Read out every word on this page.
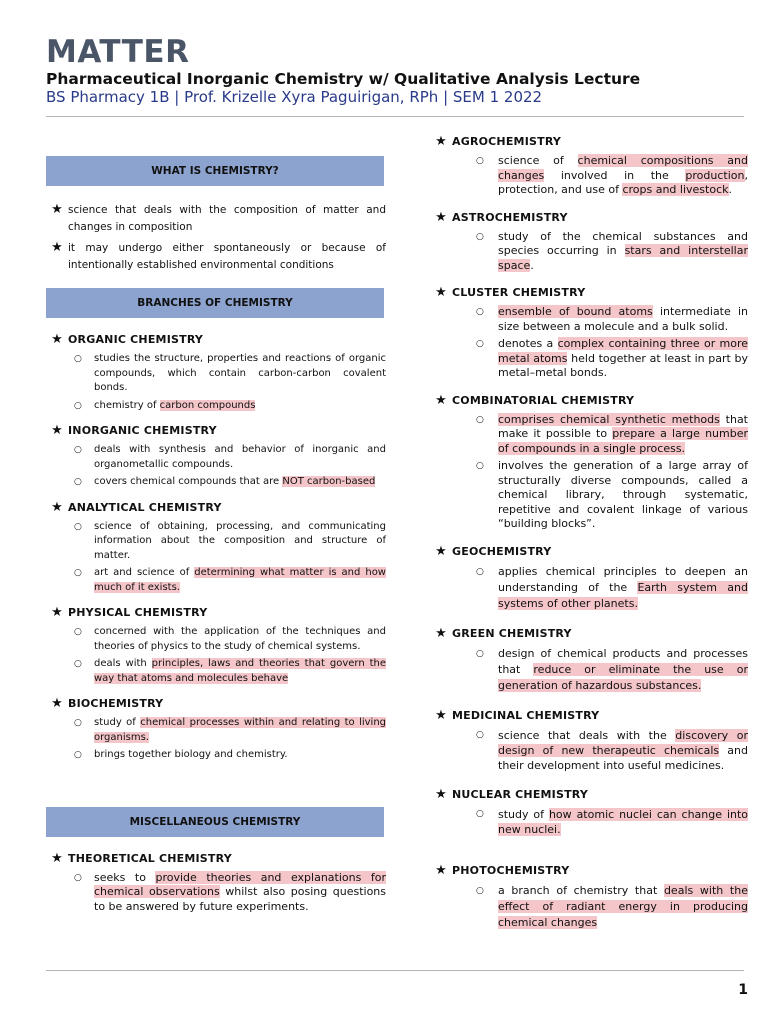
MATTER
Pharmaceutical Inorganic Chemistry w/ Qualitative Analysis Lecture
BS Pharmacy 1B | Prof. Krizelle Xyra Paguirigan, RPh | SEM 1 2022
WHAT IS CHEMISTRY?
★ science that deals with the composition of matter and changes in composition
★ it may undergo either spontaneously or because of intentionally established environmental conditions
BRANCHES OF CHEMISTRY
★ ORGANIC CHEMISTRY
○ studies the structure, properties and reactions of organic compounds, which contain carbon-carbon covalent bonds.
○ chemistry of carbon compounds
★ INORGANIC CHEMISTRY
○ deals with synthesis and behavior of inorganic and organometallic compounds.
○ covers chemical compounds that are NOT carbon-based
★ ANALYTICAL CHEMISTRY
○ science of obtaining, processing, and communicating information about the composition and structure of matter.
○ art and science of determining what matter is and how much of it exists.
★ PHYSICAL CHEMISTRY
○ concerned with the application of the techniques and theories of physics to the study of chemical systems.
○ deals with principles, laws and theories that govern the way that atoms and molecules behave
★ BIOCHEMISTRY
○ study of chemical processes within and relating to living organisms.
○ brings together biology and chemistry.
MISCELLANEOUS CHEMISTRY
★ THEORETICAL CHEMISTRY
○ seeks to provide theories and explanations for chemical observations whilst also posing questions to be answered by future experiments.
★ AGROCHEMISTRY
○ science of chemical compositions and changes involved in the production, protection, and use of crops and livestock.
★ ASTROCHEMISTRY
○ study of the chemical substances and species occurring in stars and interstellar space.
★ CLUSTER CHEMISTRY
○ ensemble of bound atoms intermediate in size between a molecule and a bulk solid.
○ denotes a complex containing three or more metal atoms held together at least in part by metal–metal bonds.
★ COMBINATORIAL CHEMISTRY
○ comprises chemical synthetic methods that make it possible to prepare a large number of compounds in a single process.
○ involves the generation of a large array of structurally diverse compounds, called a chemical library, through systematic, repetitive and covalent linkage of various “building blocks”.
★ GEOCHEMISTRY
○ applies chemical principles to deepen an understanding of the Earth system and systems of other planets.
★ GREEN CHEMISTRY
○ design of chemical products and processes that reduce or eliminate the use or generation of hazardous substances.
★ MEDICINAL CHEMISTRY
○ science that deals with the discovery or design of new therapeutic chemicals and their development into useful medicines.
★ NUCLEAR CHEMISTRY
○ study of how atomic nuclei can change into new nuclei.
★ PHOTOCHEMISTRY
○ a branch of chemistry that deals with the effect of radiant energy in producing chemical changes
1
